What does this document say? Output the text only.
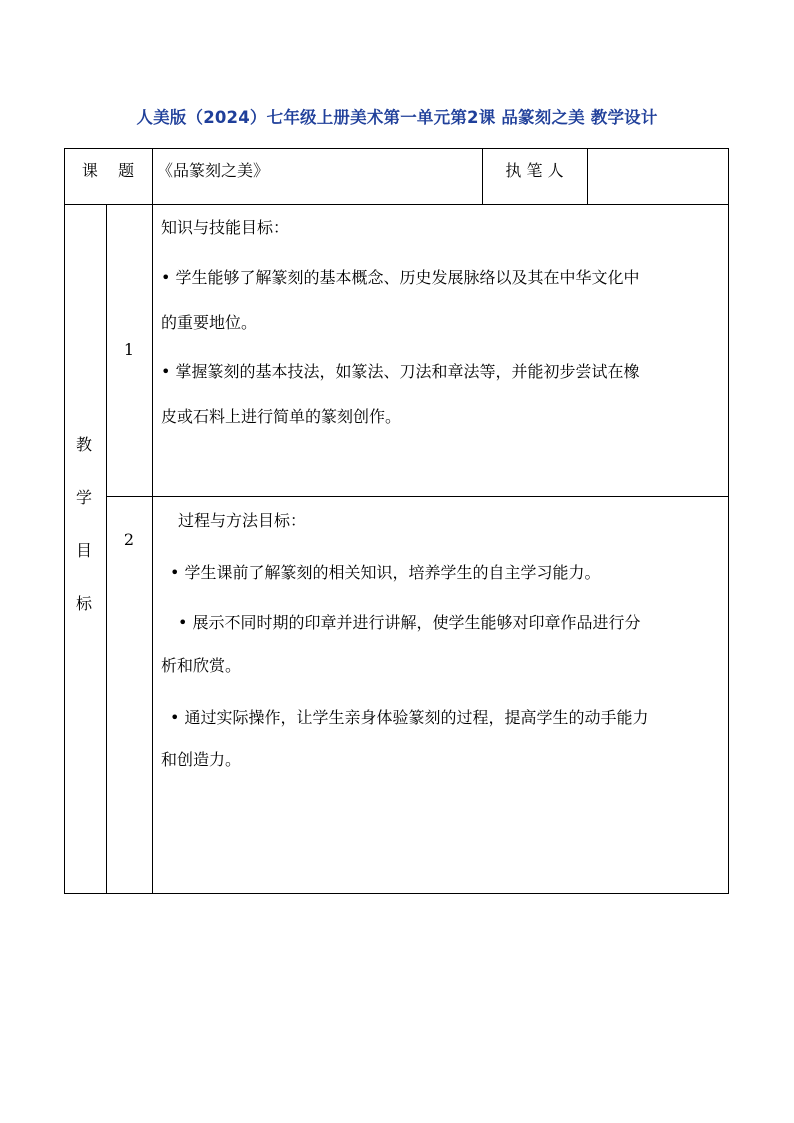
人美版（2024）七年级上册美术第一单元第2课 品篆刻之美 教学设计
课    题	《品篆刻之美》	执 笔 人
教
学
目
标
1

知识与技能目标：

• 学生能够了解篆刻的基本概念、历史发展脉络以及其在中华文化中

的重要地位。

• 掌握篆刻的基本技法，如篆法、刀法和章法等，并能初步尝试在橡

皮或石料上进行简单的篆刻创作。

2

过程与方法目标：

• 学生课前了解篆刻的相关知识，培养学生的自主学习能力。

• 展示不同时期的印章并进行讲解，使学生能够对印章作品进行分

析和欣赏。

• 通过实际操作，让学生亲身体验篆刻的过程，提高学生的动手能力

和创造力。
